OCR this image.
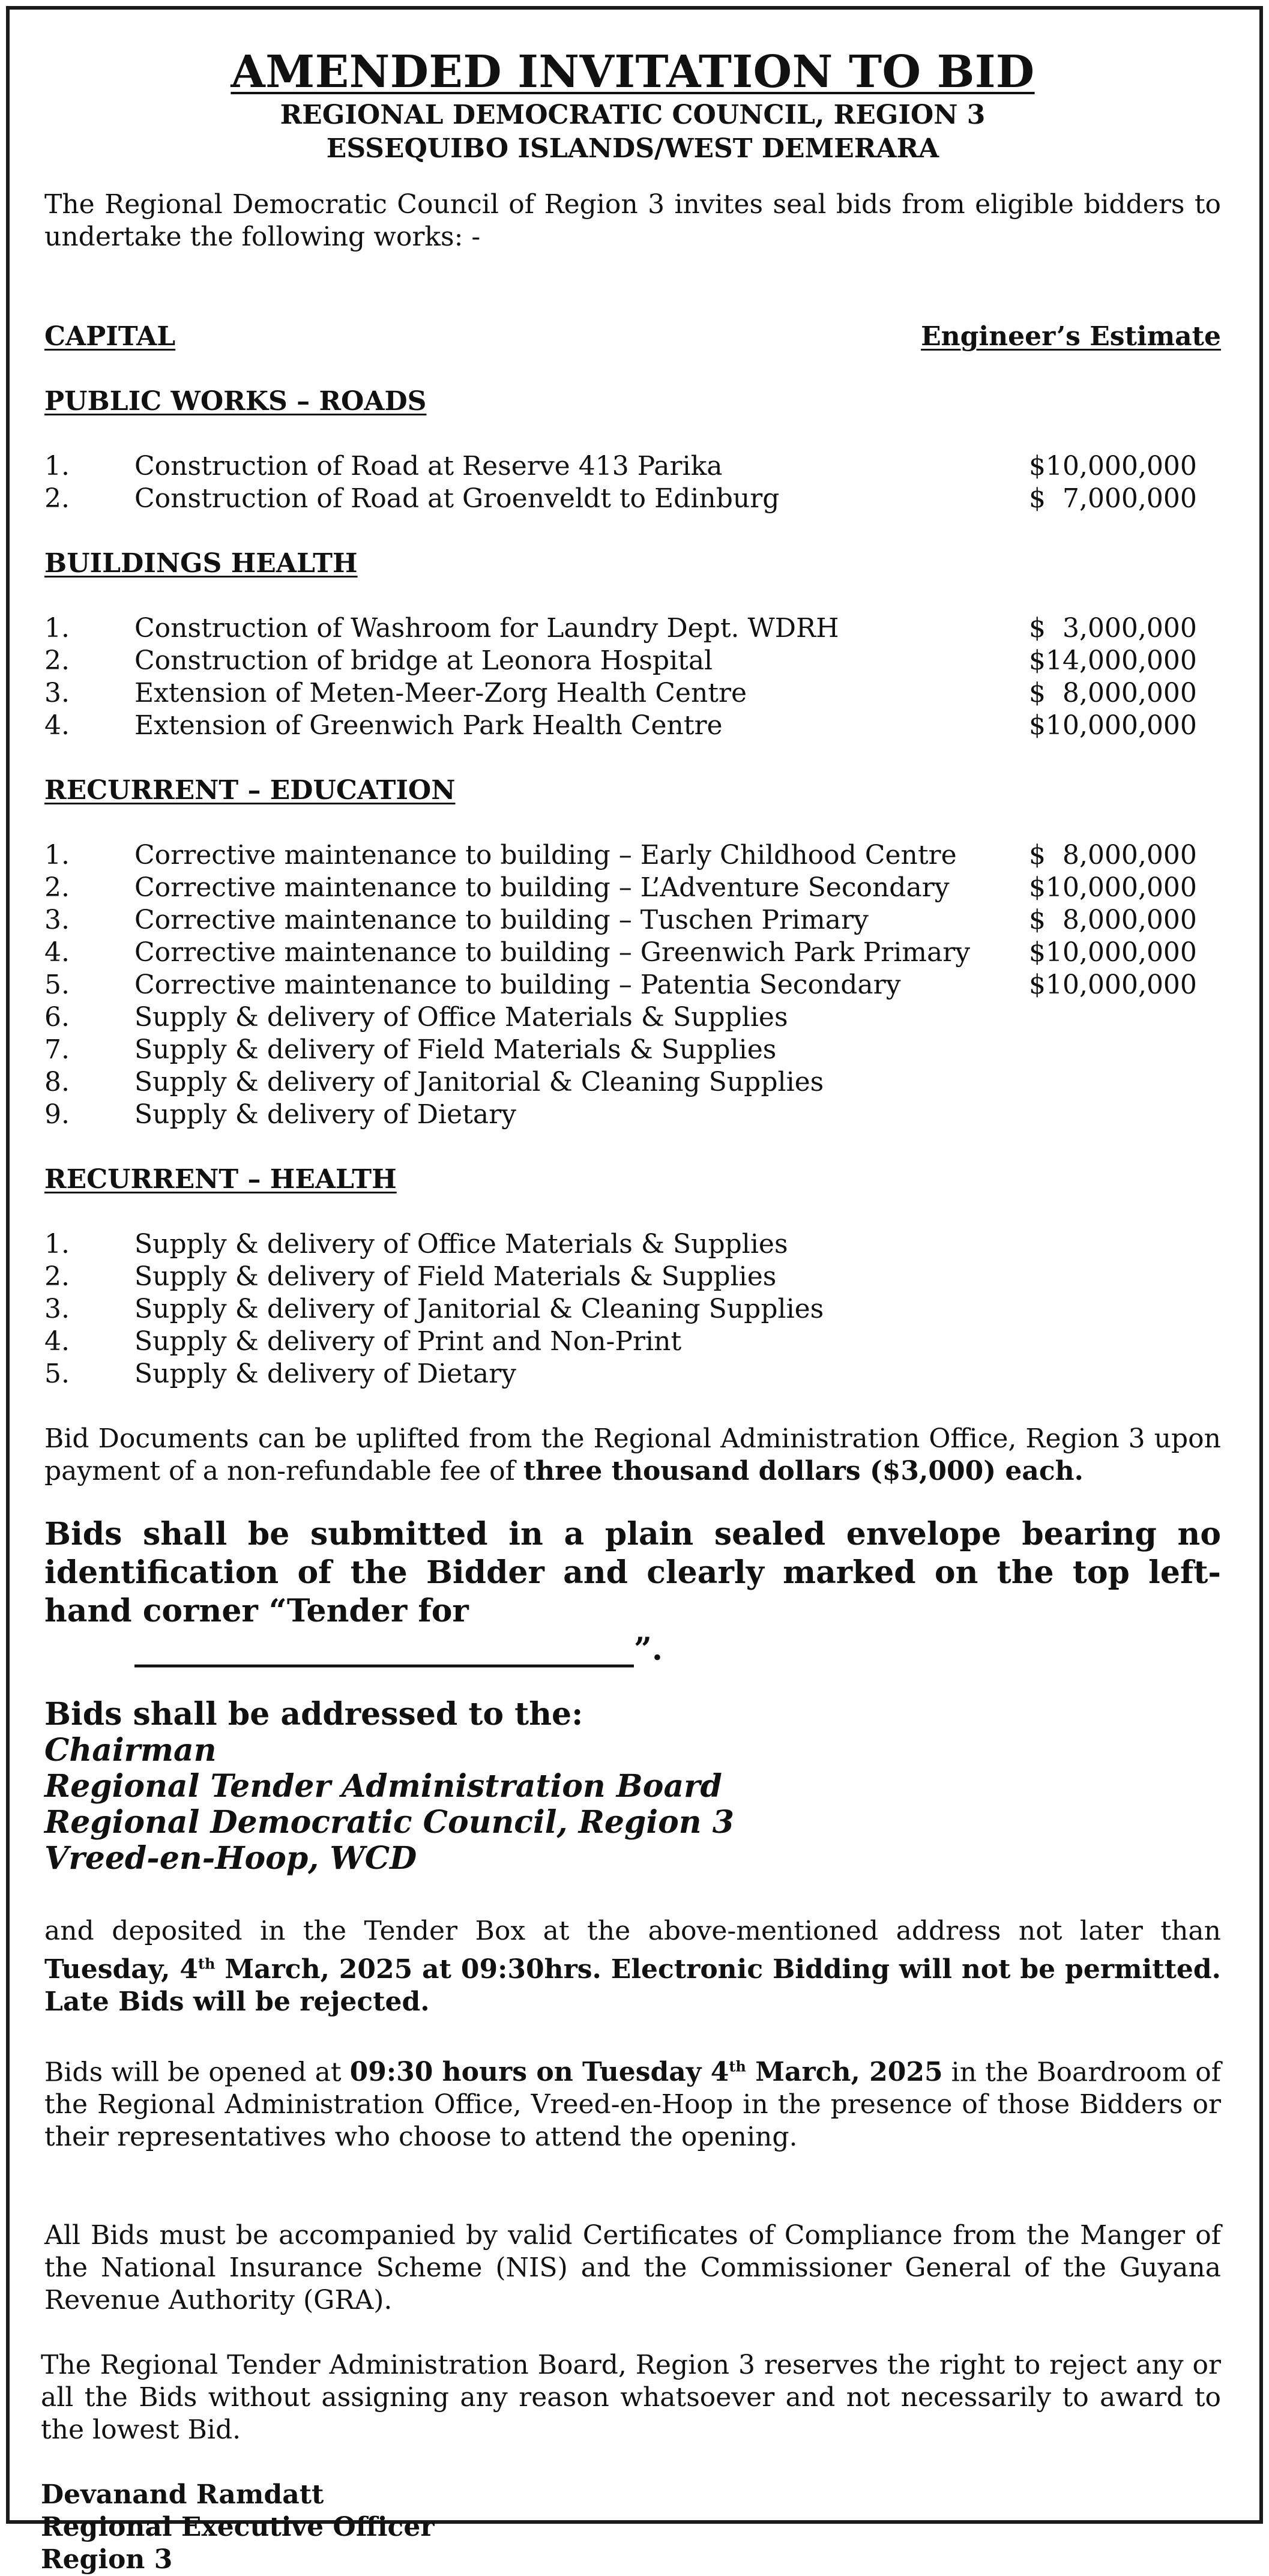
AMENDED INVITATION TO BID
REGIONAL DEMOCRATIC COUNCIL, REGION 3
ESSEQUIBO ISLANDS/WEST DEMERARA

The Regional Democratic Council of Region 3 invites seal bids from eligible bidders to undertake the following works: -

CAPITAL	Engineer’s Estimate
PUBLIC WORKS – ROADS
1.	Construction of Road at Reserve 413 Parika	$10,000,000
2.	Construction of Road at Groenveldt to Edinburg	$  7,000,000
BUILDINGS HEALTH
1.	Construction of Washroom for Laundry Dept. WDRH	$  3,000,000
2.	Construction of bridge at Leonora Hospital	$14,000,000
3.	Extension of Meten-Meer-Zorg Health Centre	$  8,000,000
4.	Extension of Greenwich Park Health Centre	$10,000,000
RECURRENT – EDUCATION
1.	Corrective maintenance to building – Early Childhood Centre	$  8,000,000
2.	Corrective maintenance to building – L’Adventure Secondary	$10,000,000
3.	Corrective maintenance to building – Tuschen Primary	$  8,000,000
4.	Corrective maintenance to building – Greenwich Park Primary	$10,000,000
5.	Corrective maintenance to building – Patentia Secondary	$10,000,000
6.	Supply & delivery of Office Materials & Supplies
7.	Supply & delivery of Field Materials & Supplies
8.	Supply & delivery of Janitorial & Cleaning Supplies
9.	Supply & delivery of Dietary
RECURRENT – HEALTH
1.	Supply & delivery of Office Materials & Supplies
2.	Supply & delivery of Field Materials & Supplies
3.	Supply & delivery of Janitorial & Cleaning Supplies
4.	Supply & delivery of Print and Non-Print
5.	Supply & delivery of Dietary

Bid Documents can be uplifted from the Regional Administration Office, Region 3 upon payment of a non-refundable fee of three thousand dollars ($3,000) each.

Bids shall be submitted in a plain sealed envelope bearing no identification of the Bidder and clearly marked on the top left-hand corner “Tender for
________________________________”.
Bids shall be addressed to the:
Chairman
Regional Tender Administration Board
Regional Democratic Council, Region 3
Vreed-en-Hoop, WCD

and deposited in the Tender Box at the above-mentioned address not later than Tuesday, 4th March, 2025 at 09:30hrs. Electronic Bidding will not be permitted. Late Bids will be rejected.

Bids will be opened at 09:30 hours on Tuesday 4th March, 2025 in the Boardroom of the Regional Administration Office, Vreed-en-Hoop in the presence of those Bidders or their representatives who choose to attend the opening.

All Bids must be accompanied by valid Certificates of Compliance from the Manger of the National Insurance Scheme (NIS) and the Commissioner General of the Guyana Revenue Authority (GRA).

The Regional Tender Administration Board, Region 3 reserves the right to reject any or all the Bids without assigning any reason whatsoever and not necessarily to award to the lowest Bid.

Devanand Ramdatt
Regional Executive Officer
Region 3
